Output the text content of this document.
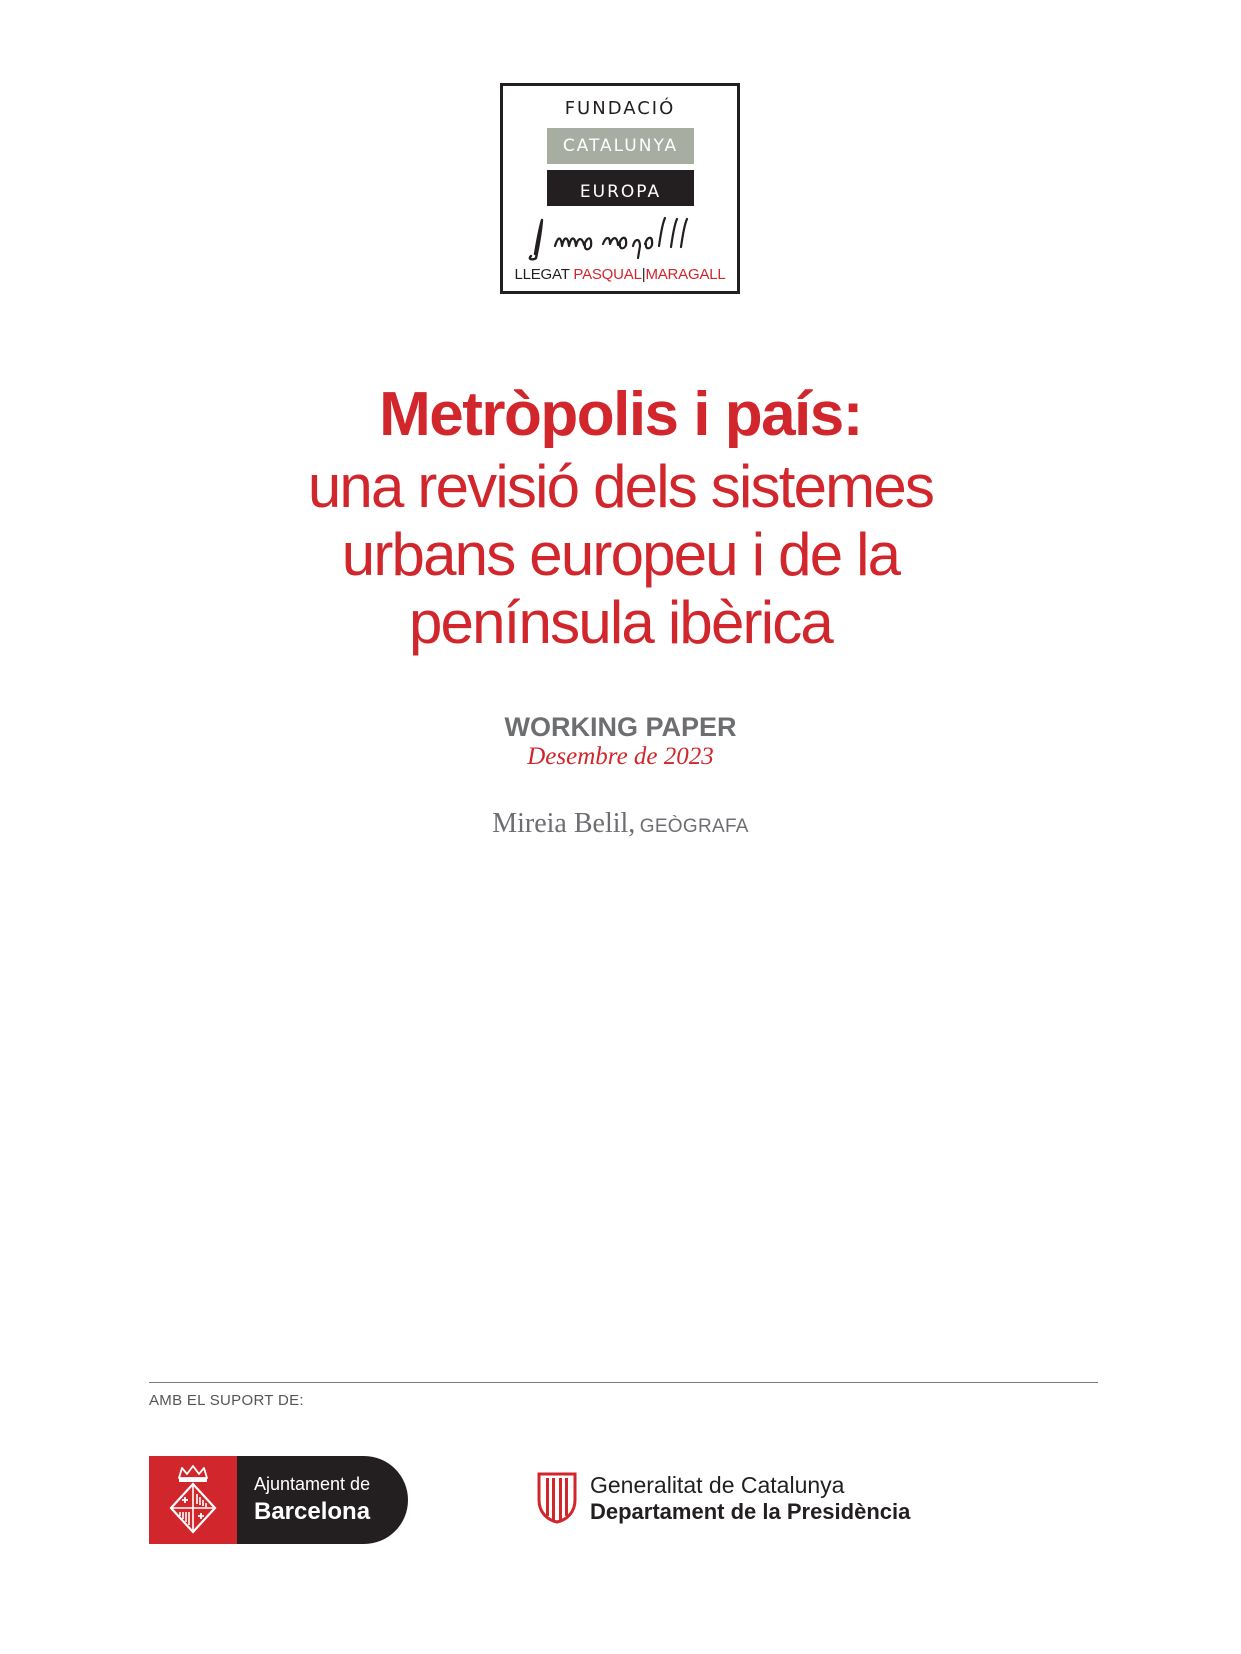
FUNDACIÓ
CATALUNYA
EUROPA
LLEGAT PASQUAL|MARAGALL
Metròpolis i país:
una revisió dels sistemes
urbans europeu i de la
península ibèrica
WORKING PAPER
Desembre de 2023
Mireia Belil, GEÒGRAFA
AMB EL SUPORT DE:
Ajuntament de
Barcelona
Generalitat de Catalunya
Departament de la Presidència
